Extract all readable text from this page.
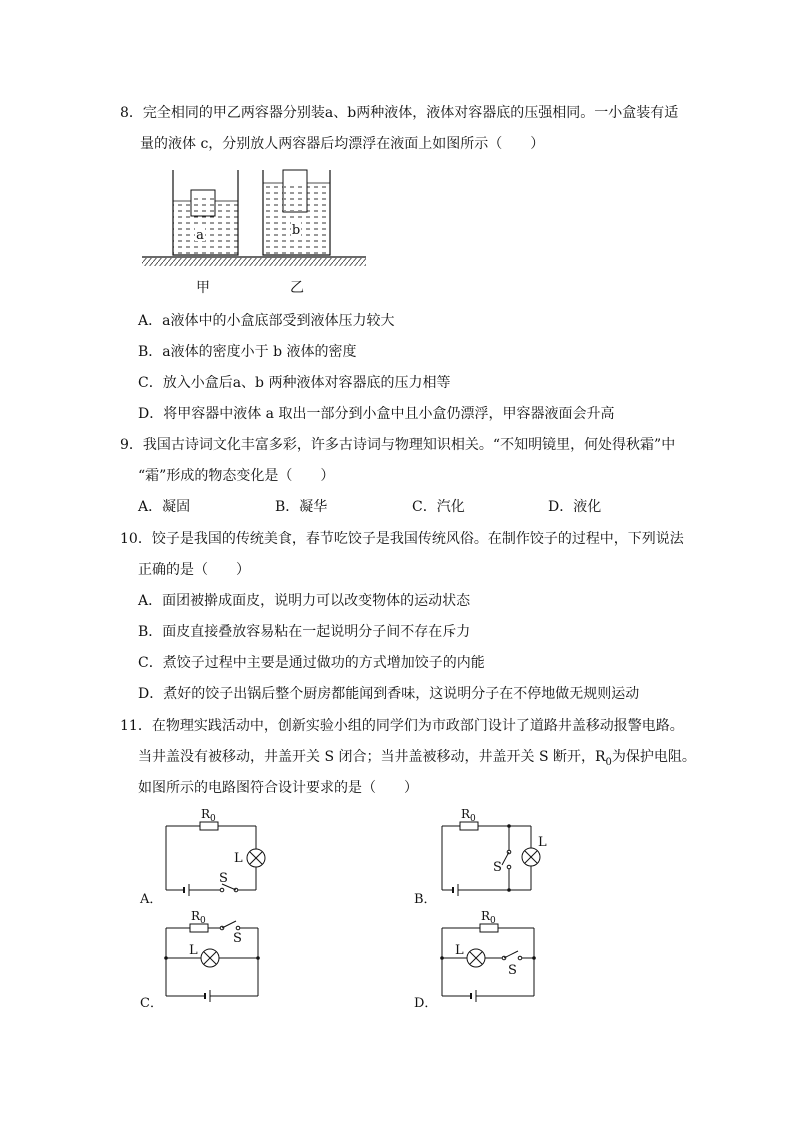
8．完全相同的甲乙两容器分别装a、b两种液体，液体对容器底的压强相同。一小盒装有适
量的液体 c，分别放人两容器后均漂浮在液面上如图所示（　　）
a	b
甲	乙
A．a液体中的小盒底部受到液体压力较大
B．a液体的密度小于 b 液体的密度
C．放入小盒后a、b 两种液体对容器底的压力相等
D．将甲容器中液体 a 取出一部分到小盒中且小盒仍漂浮，甲容器液面会升高
9．我国古诗词文化丰富多彩，许多古诗词与物理知识相关。“不知明镜里，何处得秋霜”中
“霜”形成的物态变化是（　　）
A．凝固	B．凝华	C．汽化	D．液化
10．饺子是我国的传统美食，春节吃饺子是我国传统风俗。在制作饺子的过程中，下列说法
正确的是（　　）
A．面团被擀成面皮，说明力可以改变物体的运动状态
B．面皮直接叠放容易粘在一起说明分子间不存在斥力
C．煮饺子过程中主要是通过做功的方式增加饺子的内能
D．煮好的饺子出锅后整个厨房都能闻到香味，这说明分子在不停地做无规则运动
11．在物理实践活动中，创新实验小组的同学们为市政部门设计了道路井盖移动报警电路。
当井盖没有被移动，井盖开关 S 闭合；当井盖被移动，井盖开关 S 断开，$R_0$为保护电阻。
如图所示的电路图符合设计要求的是（　　）
A．
$R_0$
L
S
B．
$R_0$
S
L
C．
$R_0$
S
L
D．
$R_0$
L
S
